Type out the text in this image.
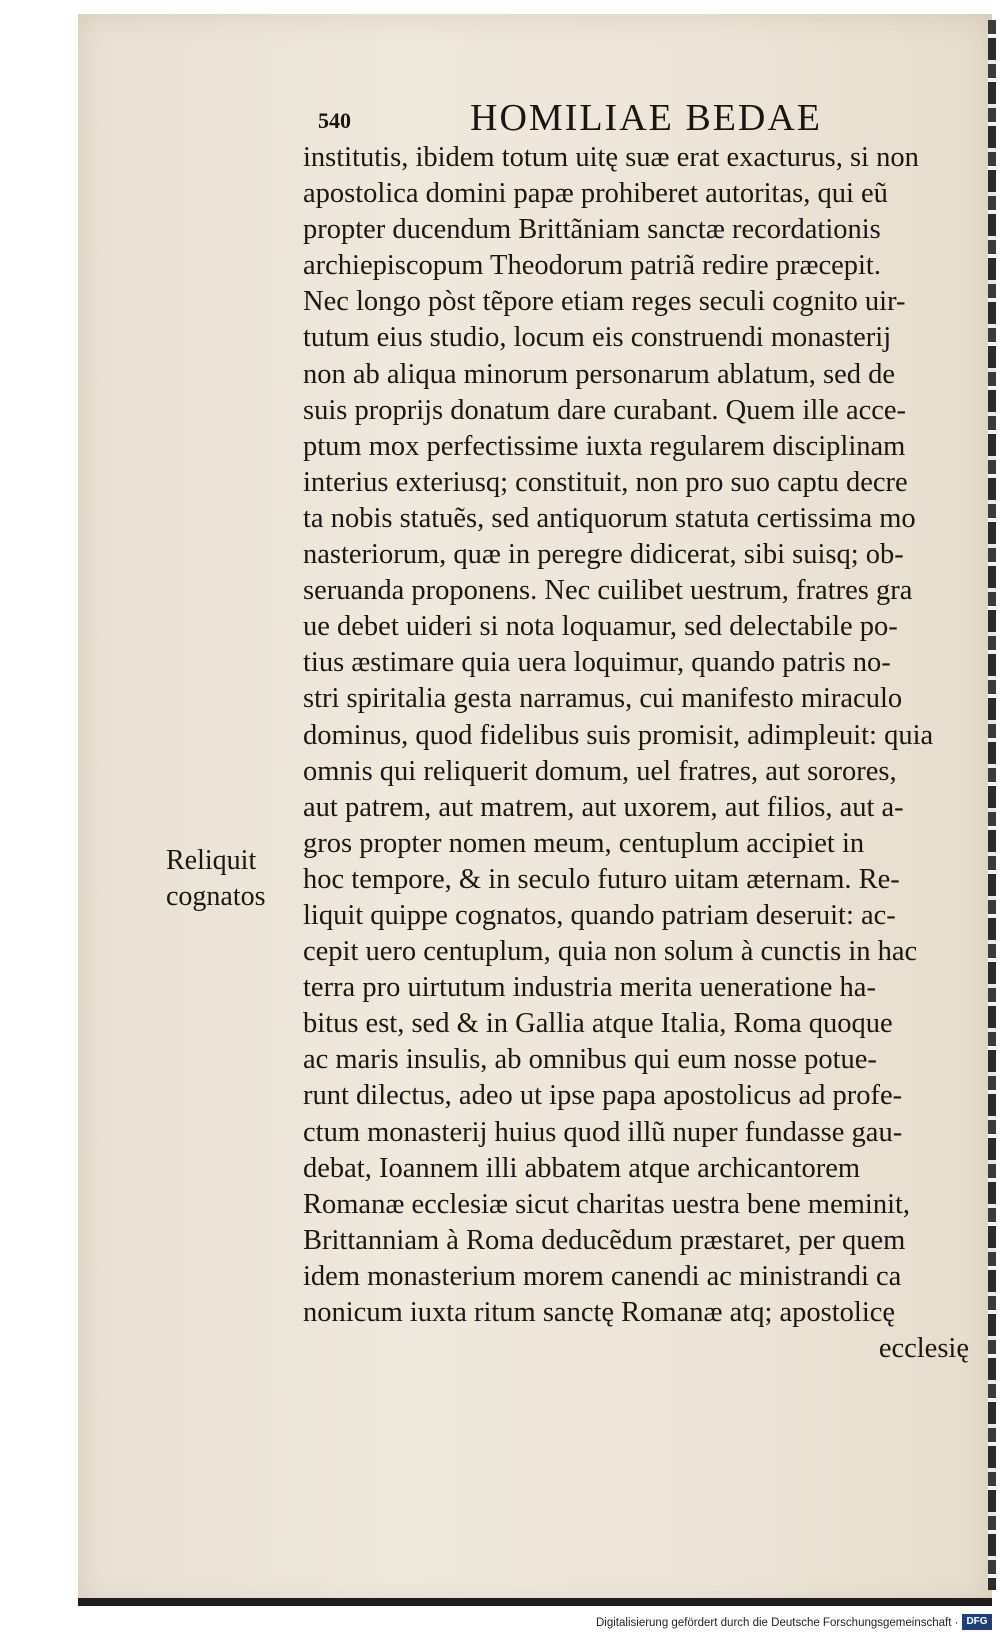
540	HOMILIAE BEDAE
Reliquit
cognatos
institutis, ibidem totum uitę suæ erat exacturus, si non
apostolica domini papæ prohiberet autoritas, qui eũ
propter ducendum Brittãniam sanctæ recordationis
archiepiscopum Theodorum patriã redire præcepit.
Nec longo pòst tẽpore etiam reges seculi cognito uir-
tutum eius studio, locum eis construendi monasterij
non ab aliqua minorum personarum ablatum, sed de
suis proprijs donatum dare curabant. Quem ille acce-
ptum mox perfectissime iuxta regularem disciplinam
interius exteriusq; constituit, non pro suo captu decre
ta nobis statuẽs, sed antiquorum statuta certissima mo
nasteriorum, quæ in peregre didicerat, sibi suisq; ob-
seruanda proponens. Nec cuilibet uestrum, fratres gra
ue debet uideri si nota loquamur, sed delectabile po-
tius æstimare quia uera loquimur, quando patris no-
stri spiritalia gesta narramus, cui manifesto miraculo
dominus, quod fidelibus suis promisit, adimpleuit: quia
omnis qui reliquerit domum, uel fratres, aut sorores,
aut patrem, aut matrem, aut uxorem, aut filios, aut a-
gros propter nomen meum, centuplum accipiet in
hoc tempore, & in seculo futuro uitam æternam. Re-
liquit quippe cognatos, quando patriam deseruit: ac-
cepit uero centuplum, quia non solum à cunctis in hac
terra pro uirtutum industria merita ueneratione ha-
bitus est, sed & in Gallia atque Italia, Roma quoque
ac maris insulis, ab omnibus qui eum nosse potue-
runt dilectus, adeo ut ipse papa apostolicus ad profe-
ctum monasterij huius quod illũ nuper fundasse gau-
debat, Ioannem illi abbatem atque archicantorem
Romanæ ecclesiæ sicut charitas uestra bene meminit,
Brittanniam à Roma deducẽdum præstaret, per quem
idem monasterium morem canendi ac ministrandi ca
nonicum iuxta ritum sanctę Romanæ atq; apostolicę
ecclesię
Digitalisierung gefördert durch die Deutsche Forschungsgemeinschaft · DFG
